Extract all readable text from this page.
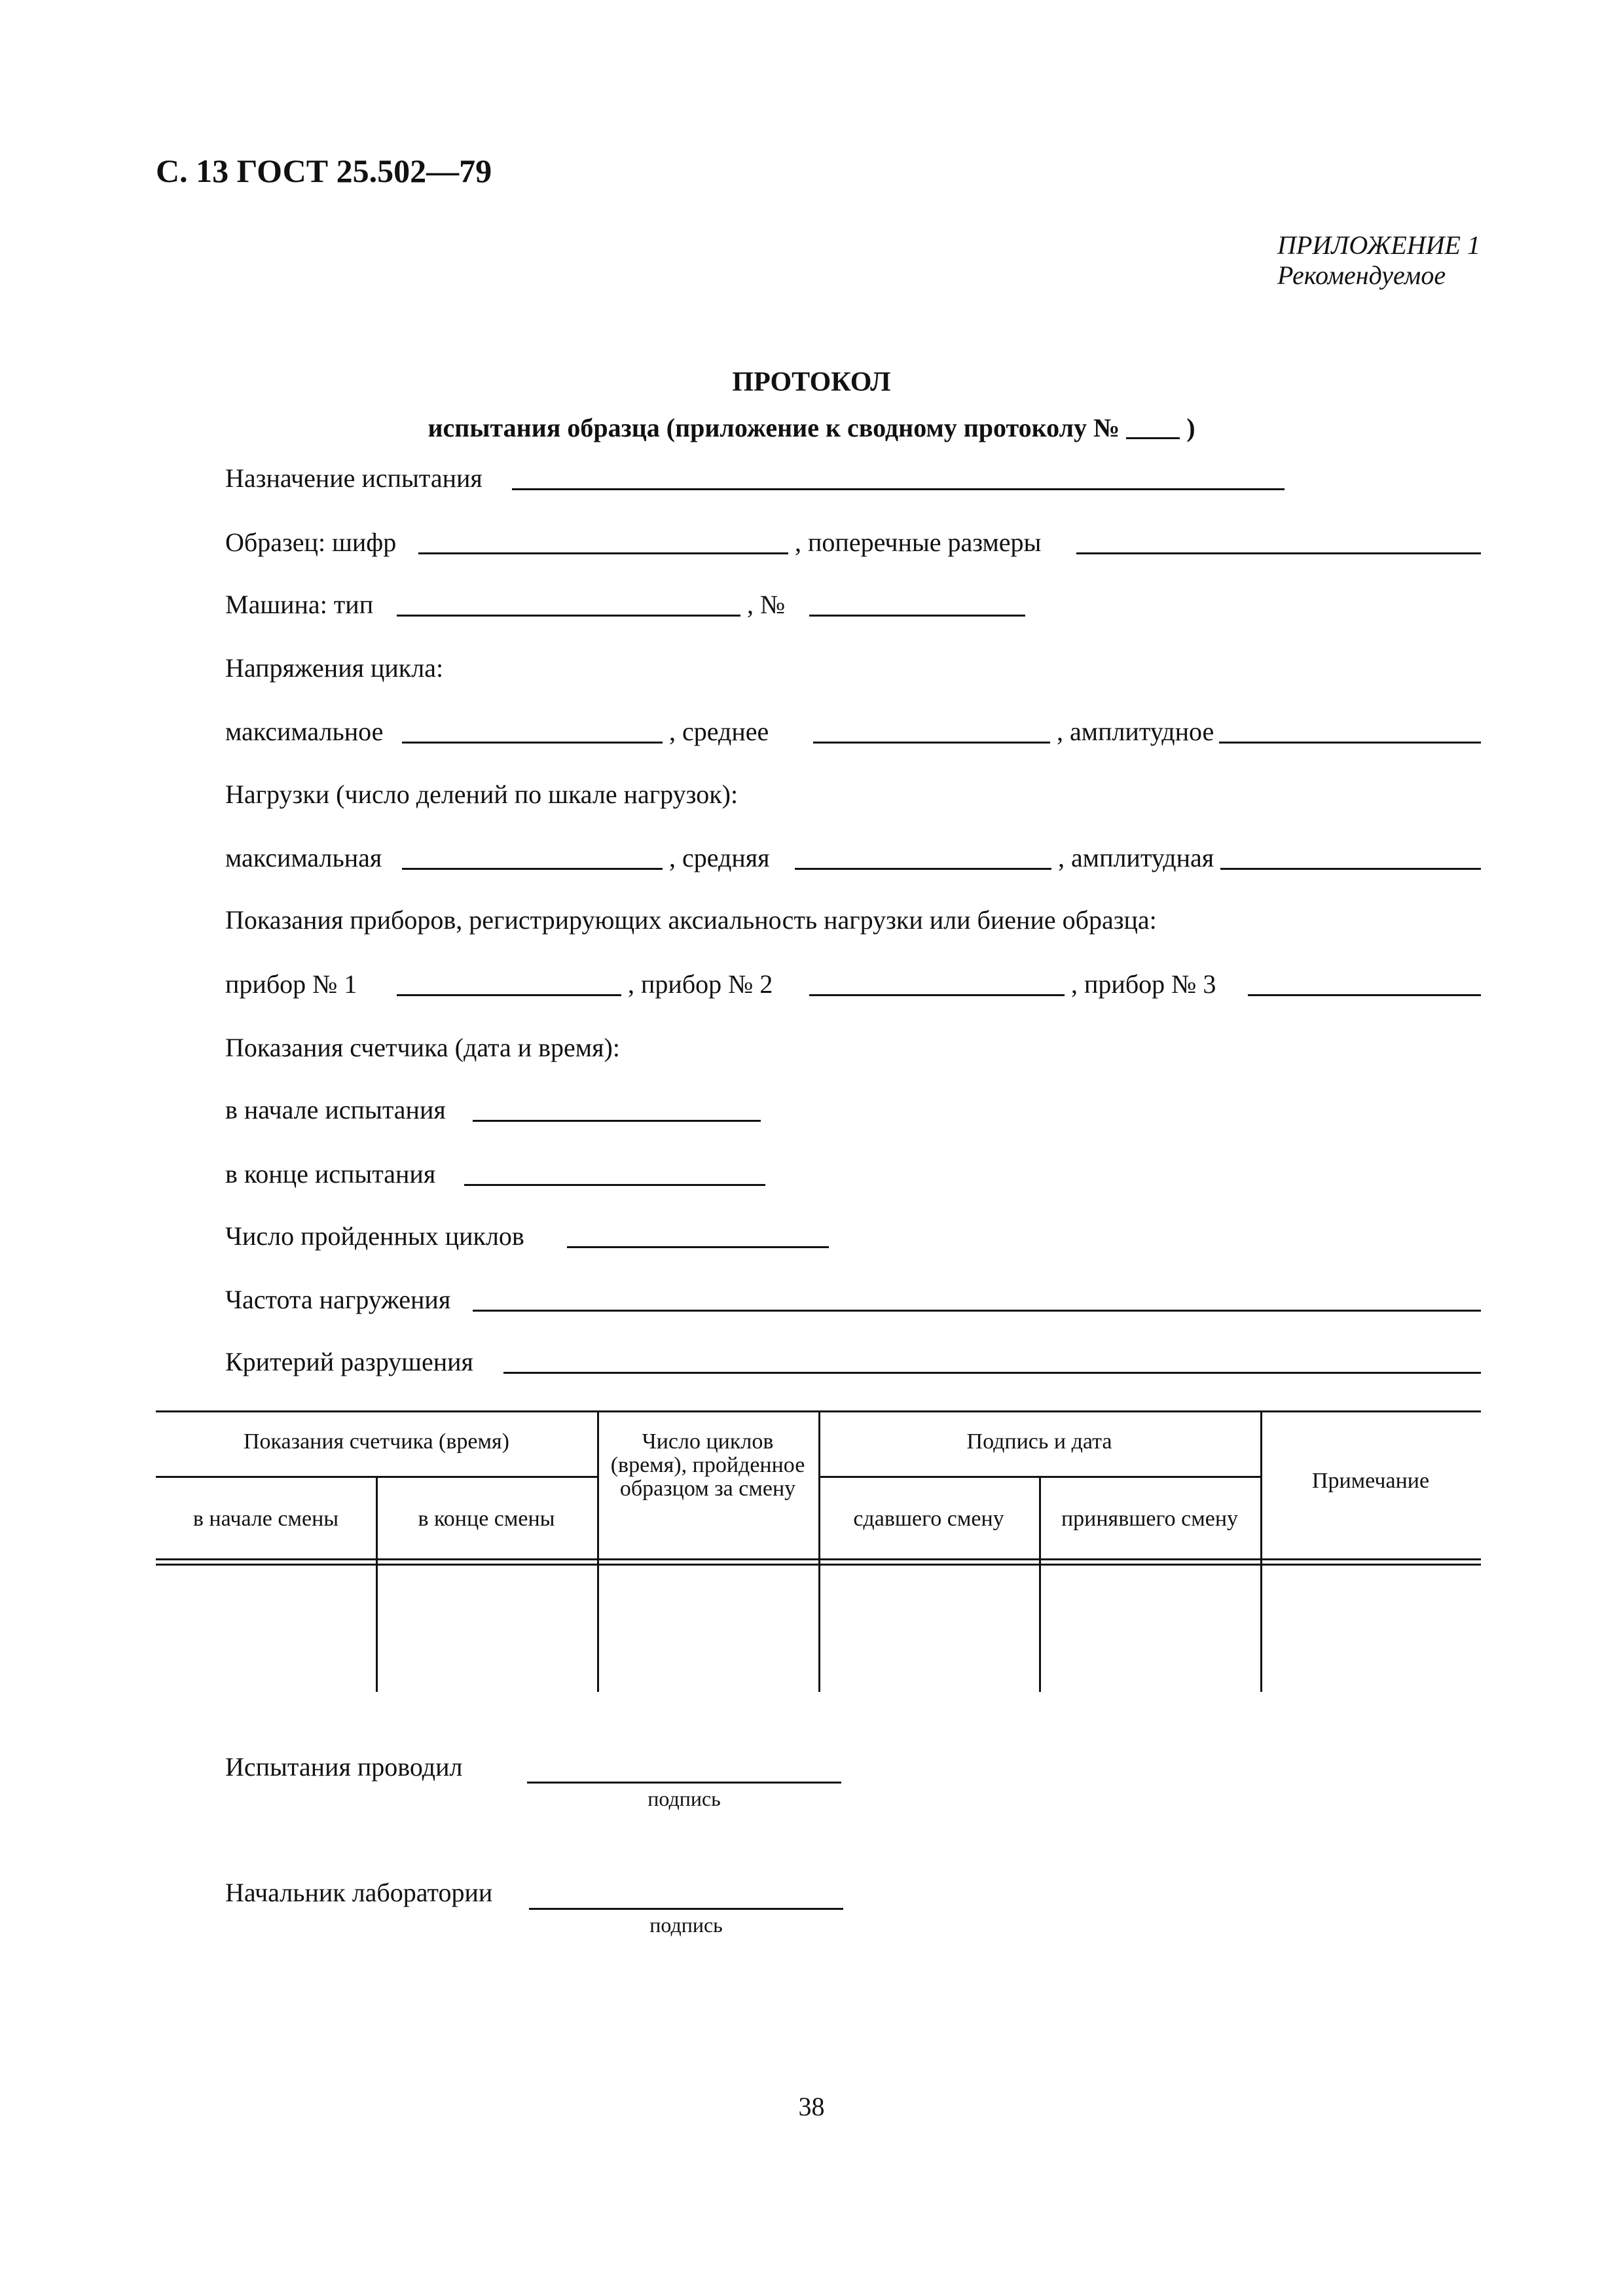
С. 13 ГОСТ 25.502—79
ПРИЛОЖЕНИЕ 1
Рекомендуемое
ПРОТОКОЛ
испытания образца (приложение к сводному протоколу №	)
Назначение испытания
Образец: шифр	, поперечные размеры
Машина: тип	, №
Напряжения цикла:
максимальное	, среднее	, амплитудное
Нагрузки (число делений по шкале нагрузок):
максимальная	, средняя	, амплитудная
Показания приборов, регистрирующих аксиальность нагрузки или биение образца:
прибор № 1	, прибор № 2	, прибор № 3
Показания счетчика (дата и время):
в начале испытания
в конце испытания
Число пройденных циклов
Частота нагружения
Критерий разрушения
Показания счетчика (время)
в начале смены	в конце смены
Число циклов (время), пройденное образцом за смену
Подпись и дата
сдавшего смену	принявшего смену
Примечание
Испытания проводил
подпись
Начальник лаборатории
подпись
38
